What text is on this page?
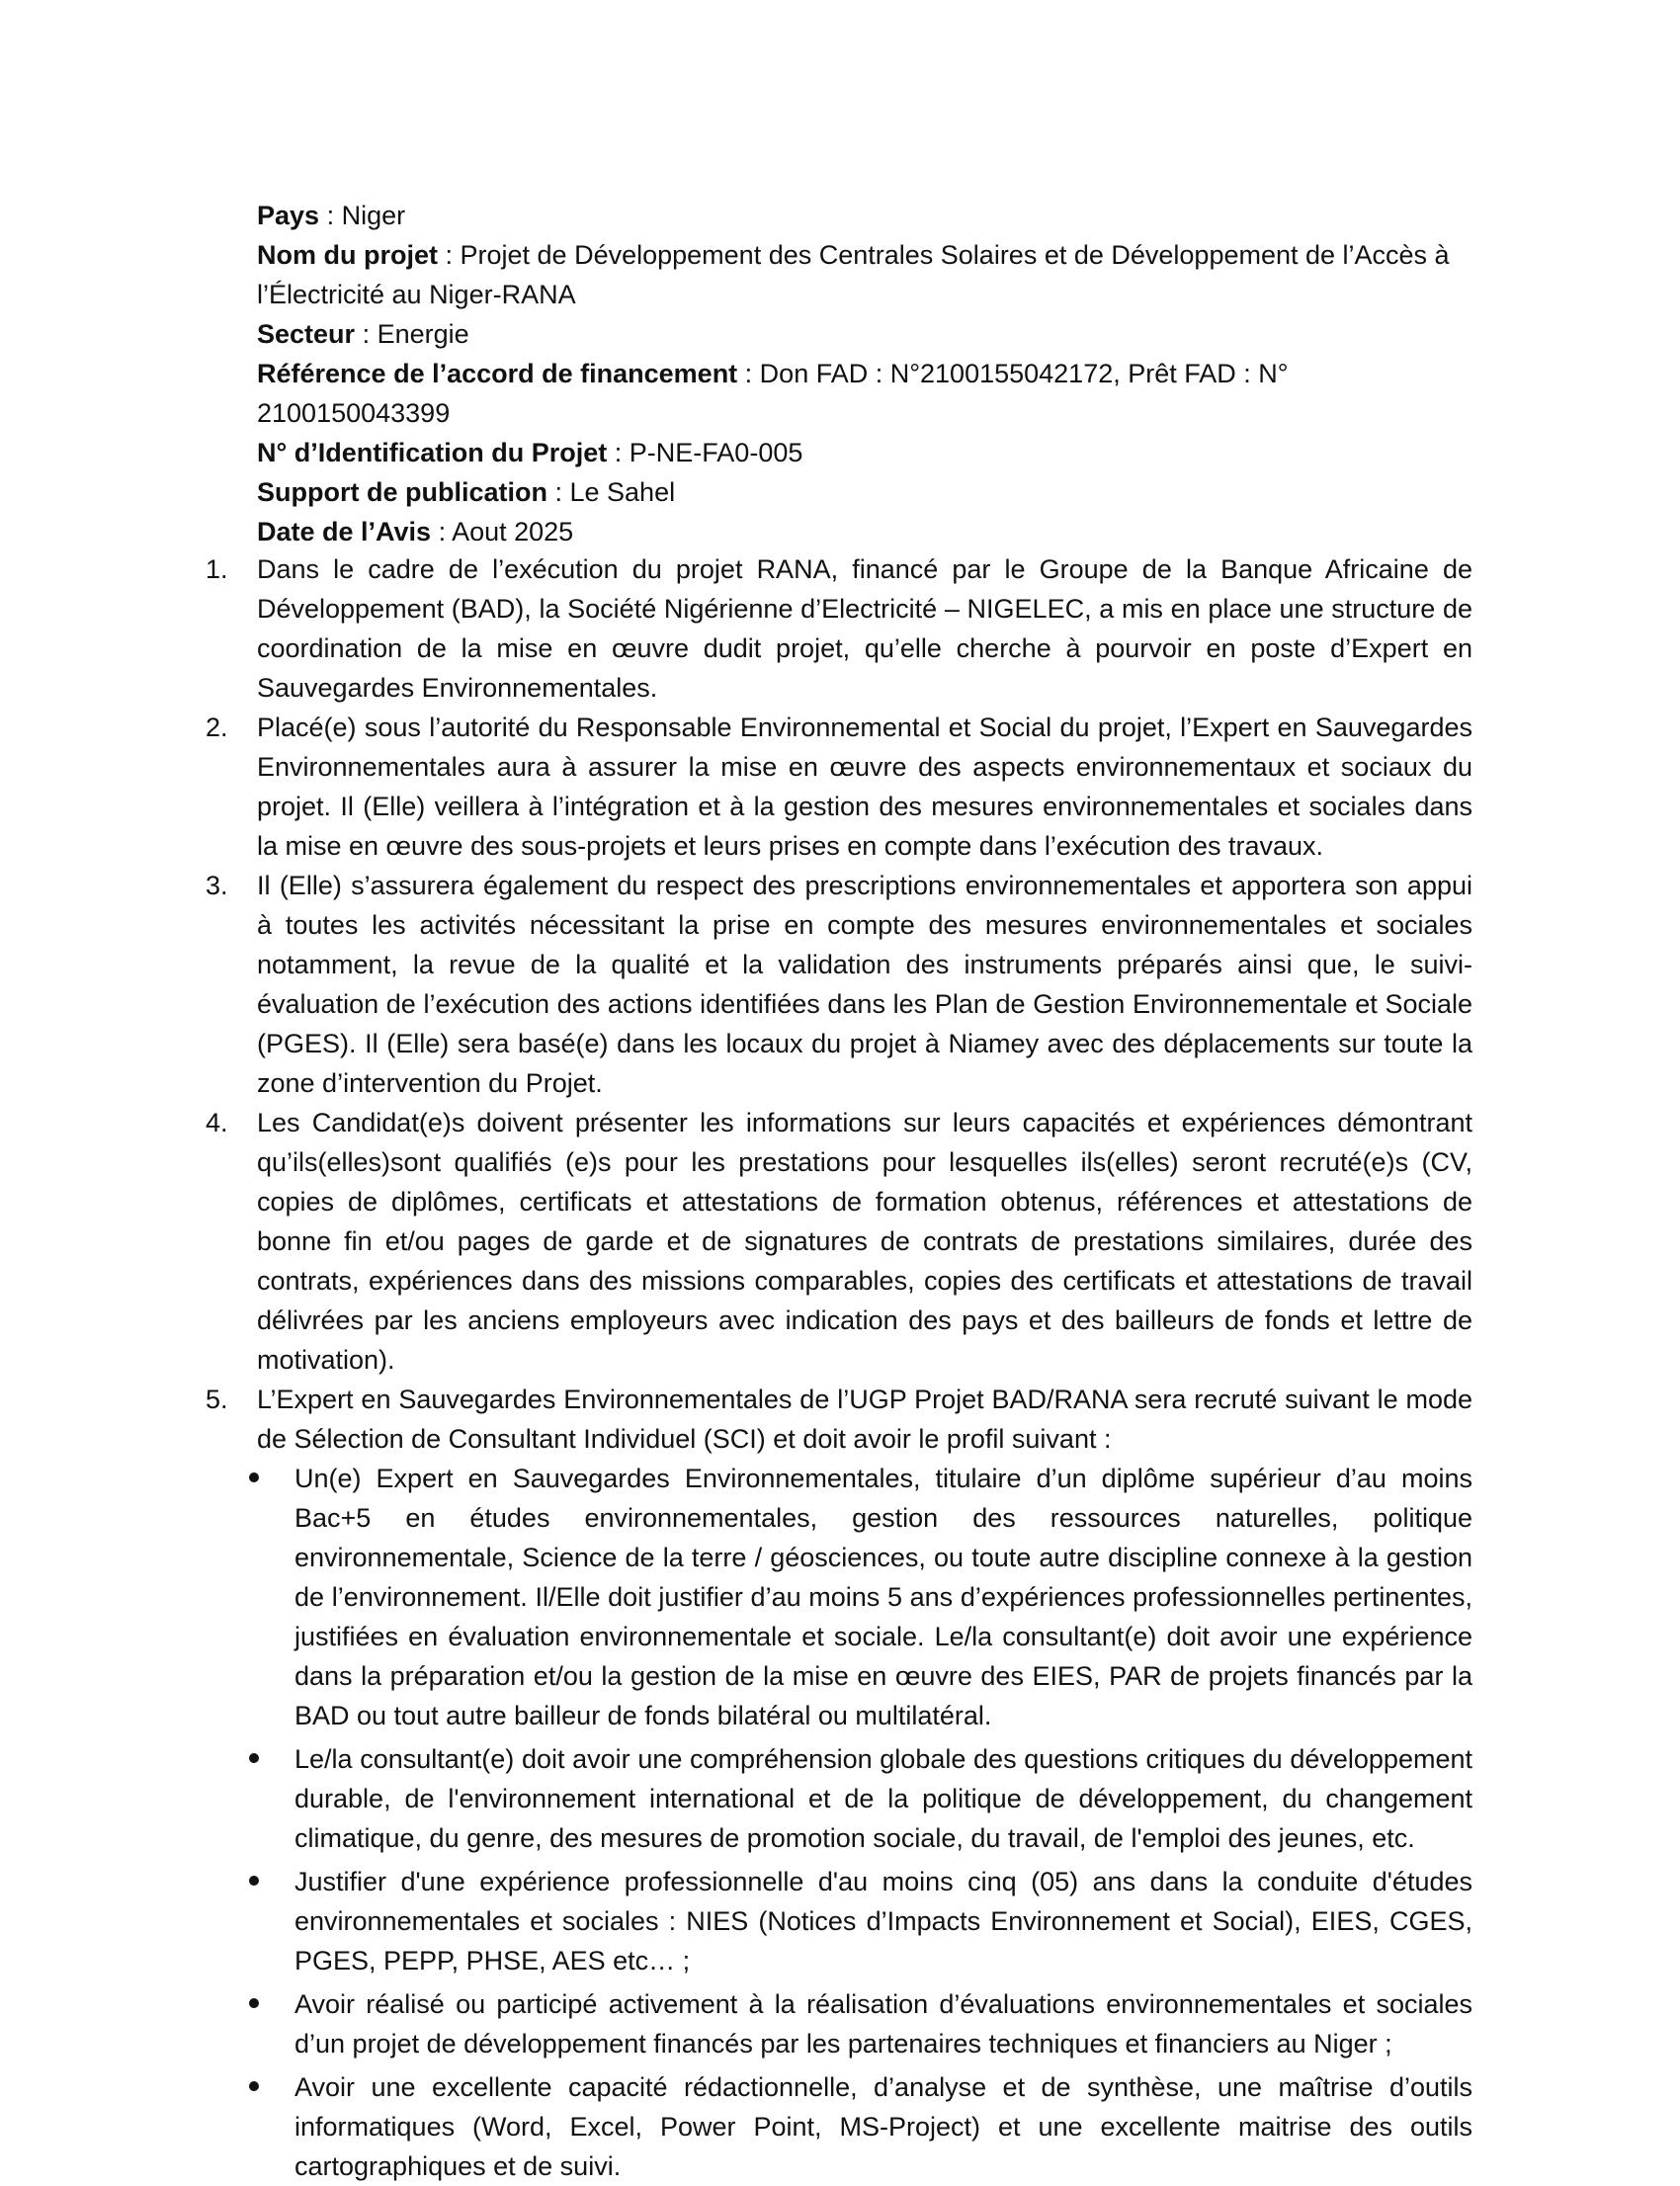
Pays : Niger
Nom du projet : Projet de Développement des Centrales Solaires et de Développement de l’Accès à l’Électricité au Niger-RANA
Secteur : Energie
Référence de l’accord de financement : Don FAD : N°2100155042172, Prêt FAD : N° 2100150043399
N° d’Identification du Projet : P-NE-FA0-005
Support de publication : Le Sahel
Date de l’Avis : Aout 2025
1.	Dans le cadre de l’exécution du projet RANA, financé par le Groupe de la Banque Africaine de Développement (BAD), la Société Nigérienne d’Electricité – NIGELEC, a mis en place une structure de coordination de la mise en œuvre dudit projet, qu’elle cherche à pourvoir en poste d’Expert en Sauvegardes Environnementales.
2.	Placé(e) sous l’autorité du Responsable Environnemental et Social du projet, l’Expert en Sauvegardes Environnementales aura à assurer la mise en œuvre des aspects environnementaux et sociaux du projet. Il (Elle) veillera à l’intégration et à la gestion des mesures environnementales et sociales dans la mise en œuvre des sous-projets et leurs prises en compte dans l’exécution des travaux.
3.	Il (Elle) s’assurera également du respect des prescriptions environnementales et apportera son appui à toutes les activités nécessitant la prise en compte des mesures environnementales et sociales notamment, la revue de la qualité et la validation des instruments préparés ainsi que, le suivi-évaluation de l’exécution des actions identifiées dans les Plan de Gestion Environnementale et Sociale (PGES). Il (Elle) sera basé(e) dans les locaux du projet à Niamey avec des déplacements sur toute la zone d’intervention du Projet.
4.	Les Candidat(e)s doivent présenter les informations sur leurs capacités et expériences démontrant qu’ils(elles)sont qualifiés (e)s pour les prestations pour lesquelles ils(elles) seront recruté(e)s (CV, copies de diplômes, certificats et attestations de formation obtenus, références et attestations de bonne fin et/ou pages de garde et de signatures de contrats de prestations similaires, durée des contrats, expériences dans des missions comparables, copies des certificats et attestations de travail délivrées par les anciens employeurs avec indication des pays et des bailleurs de fonds et lettre de motivation).
5.	L’Expert en Sauvegardes Environnementales de l’UGP Projet BAD/RANA sera recruté suivant le mode de Sélection de Consultant Individuel (SCI) et doit avoir le profil suivant :
Un(e) Expert en Sauvegardes Environnementales, titulaire d’un diplôme supérieur d’au moins Bac+5 en études environnementales, gestion des ressources naturelles, politique environnementale, Science de la terre / géosciences, ou toute autre discipline connexe à la gestion de l’environnement. Il/Elle doit justifier d’au moins 5 ans d’expériences professionnelles pertinentes, justifiées en évaluation environnementale et sociale. Le/la consultant(e) doit avoir une expérience dans la préparation et/ou la gestion de la mise en œuvre des EIES, PAR de projets financés par la BAD ou tout autre bailleur de fonds bilatéral ou multilatéral.
Le/la consultant(e) doit avoir une compréhension globale des questions critiques du développement durable, de l'environnement international et de la politique de développement, du changement climatique, du genre, des mesures de promotion sociale, du travail, de l'emploi des jeunes, etc.
Justifier d'une expérience professionnelle d'au moins cinq (05) ans dans la conduite d'études environnementales et sociales : NIES (Notices d’Impacts Environnement et Social), EIES, CGES, PGES, PEPP, PHSE, AES etc… ;
Avoir réalisé ou participé activement à la réalisation d’évaluations environnementales et sociales d’un projet de développement financés par les partenaires techniques et financiers au Niger ;
Avoir une excellente capacité rédactionnelle, d’analyse et de synthèse, une maîtrise d’outils informatiques (Word, Excel, Power Point, MS-Project) et une excellente maitrise des outils cartographiques et de suivi.
